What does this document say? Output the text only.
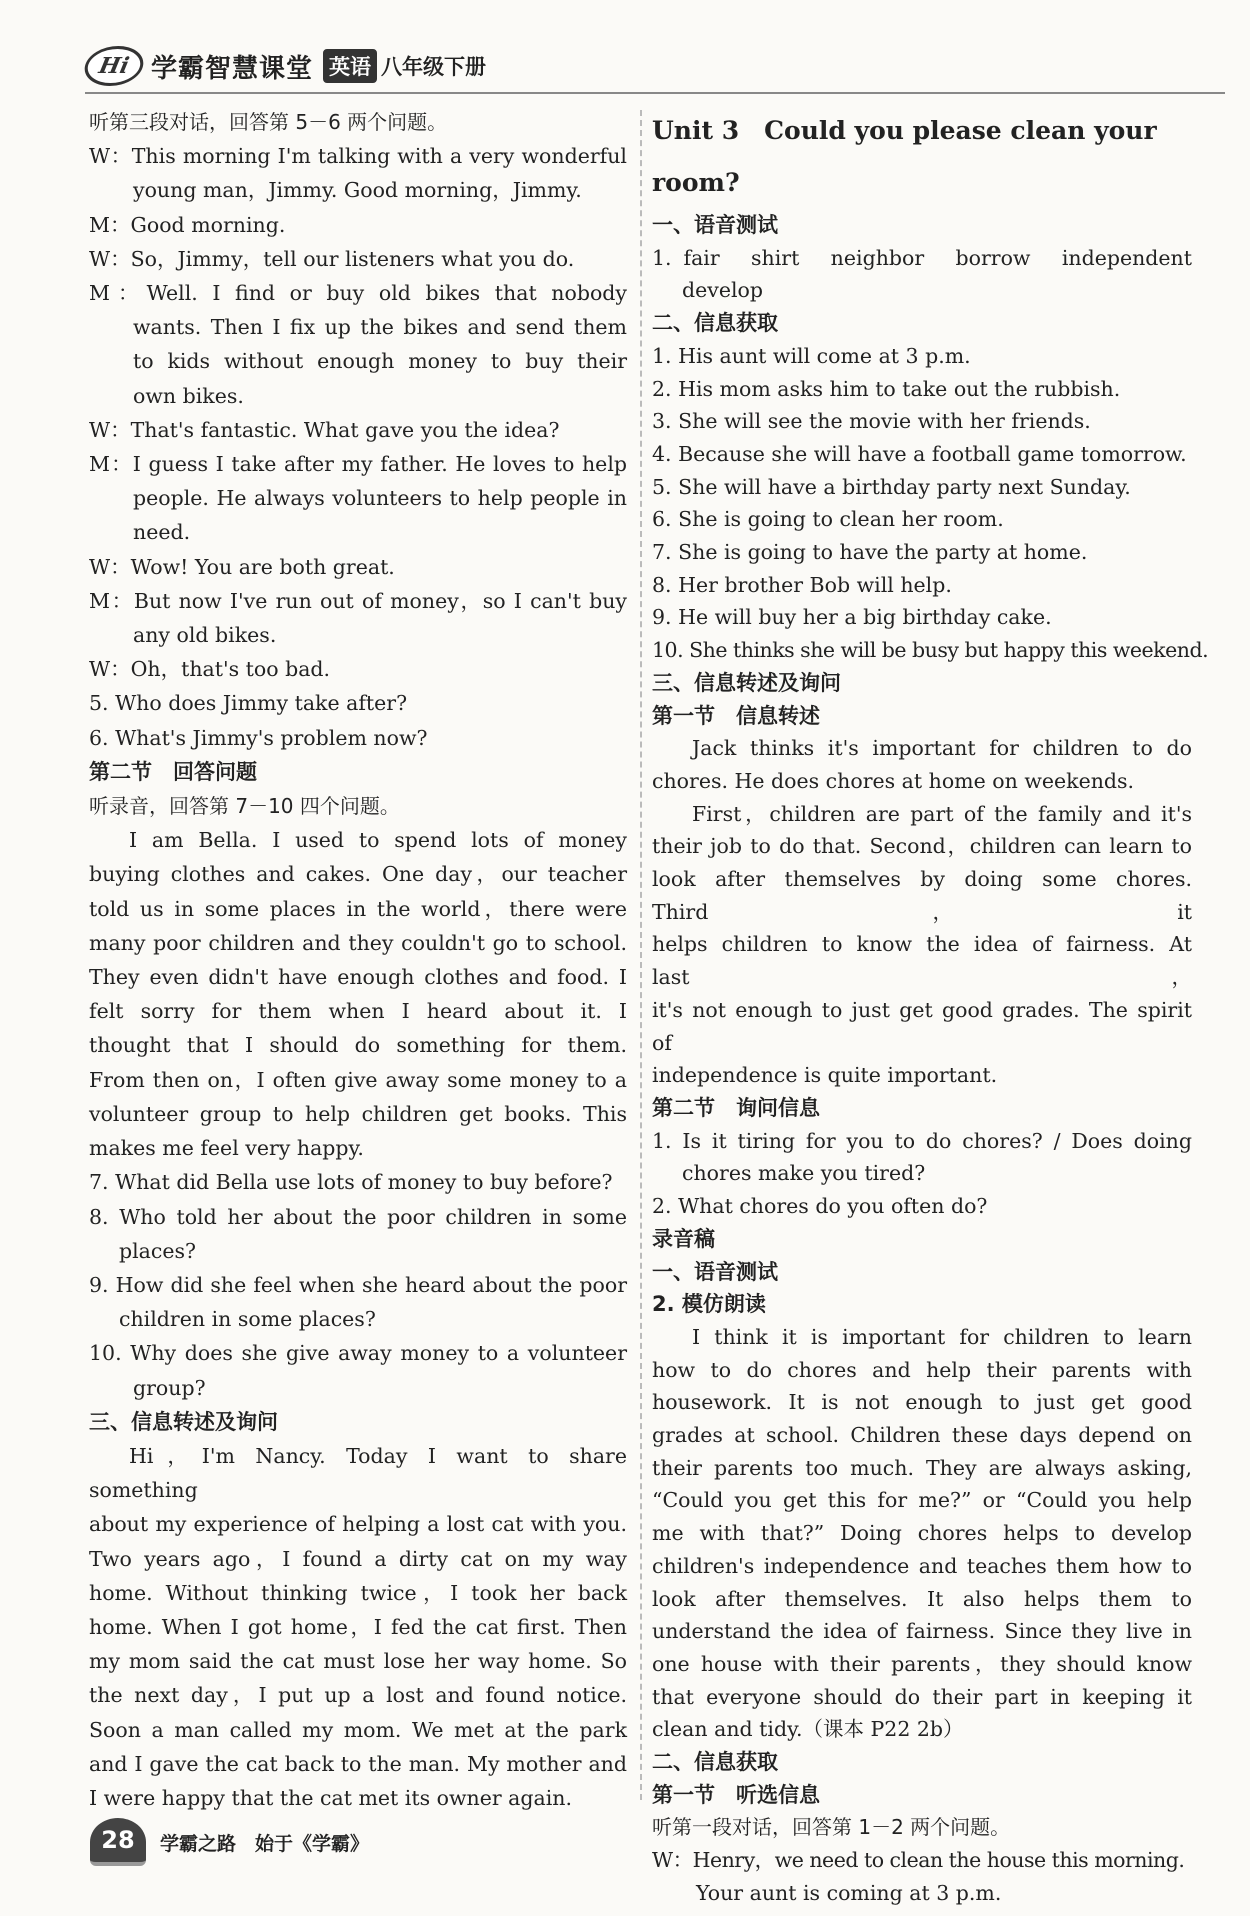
Hi 学霸智慧课堂 英语 八年级下册
听第三段对话，回答第 5－6 两个问题。
W：This morning I'm talking with a very wonderful
young man，Jimmy. Good morning，Jimmy.
M：Good morning.
W：So，Jimmy，tell our listeners what you do.
M：Well. I find or buy old bikes that nobody
wants. Then I fix up the bikes and send them
to kids without enough money to buy their
own bikes.
W：That's fantastic. What gave you the idea?
M：I guess I take after my father. He loves to help
people. He always volunteers to help people in
need.
W：Wow! You are both great.
M：But now I've run out of money，so I can't buy
any old bikes.
W：Oh，that's too bad.
5. Who does Jimmy take after?
6. What's Jimmy's problem now?
第二节　回答问题
听录音，回答第 7－10 四个问题。
I am Bella. I used to spend lots of money
buying clothes and cakes. One day，our teacher
told us in some places in the world，there were
many poor children and they couldn't go to school.
They even didn't have enough clothes and food. I
felt sorry for them when I heard about it. I
thought that I should do something for them.
From then on，I often give away some money to a
volunteer group to help children get books. This
makes me feel very happy.
7. What did Bella use lots of money to buy before?
8. Who told her about the poor children in some
places?
9. How did she feel when she heard about the poor
children in some places?
10. Why does she give away money to a volunteer
group?
三、信息转述及询问
Hi，I'm Nancy. Today I want to share something
about my experience of helping a lost cat with you.
Two years ago，I found a dirty cat on my way
home. Without thinking twice，I took her back
home. When I got home，I fed the cat first. Then
my mom said the cat must lose her way home. So
the next day，I put up a lost and found notice.
Soon a man called my mom. We met at the park
and I gave the cat back to the man. My mother and
I were happy that the cat met its owner again.
Unit 3　Could you please clean your room?
一、语音测试
1. fair　shirt　neighbor　borrow　independent
develop
二、信息获取
1. His aunt will come at 3 p.m.
2. His mom asks him to take out the rubbish.
3. She will see the movie with her friends.
4. Because she will have a football game tomorrow.
5. She will have a birthday party next Sunday.
6. She is going to clean her room.
7. She is going to have the party at home.
8. Her brother Bob will help.
9. He will buy her a big birthday cake.
10. She thinks she will be busy but happy this weekend.
三、信息转述及询问
第一节　信息转述
Jack thinks it's important for children to do
chores. He does chores at home on weekends.
First，children are part of the family and it's
their job to do that. Second，children can learn to
look after themselves by doing some chores. Third，it
helps children to know the idea of fairness. At last，
it's not enough to just get good grades. The spirit of
independence is quite important.
第二节　询问信息
1. Is it tiring for you to do chores? / Does doing
chores make you tired?
2. What chores do you often do?
录音稿
一、语音测试
2. 模仿朗读
I think it is important for children to learn
how to do chores and help their parents with
housework. It is not enough to just get good
grades at school. Children these days depend on
their parents too much. They are always asking,
“Could you get this for me?” or “Could you help
me with that?” Doing chores helps to develop
children's independence and teaches them how to
look after themselves. It also helps them to
understand the idea of fairness. Since they live in
one house with their parents，they should know
that everyone should do their part in keeping it
clean and tidy.（课本 P22 2b）
二、信息获取
第一节　听选信息
听第一段对话，回答第 1－2 两个问题。
W：Henry，we need to clean the house this morning.
Your aunt is coming at 3 p.m.
28	学霸之路　始于《学霸》
